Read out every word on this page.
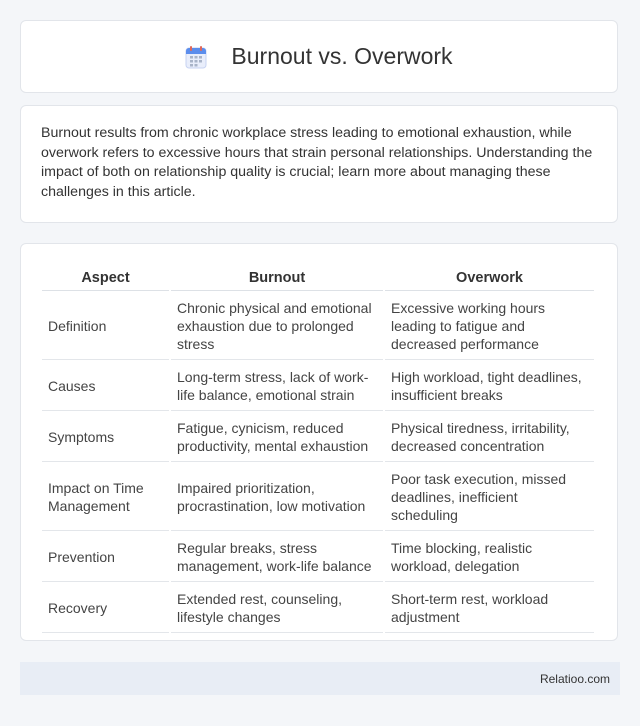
Burnout vs. Overwork

Burnout results from chronic workplace stress leading to emotional exhaustion, while overwork refers to excessive hours that strain personal relationships. Understanding the impact of both on relationship quality is crucial; learn more about managing these challenges in this article.

Aspect	Burnout	Overwork
Definition	Chronic physical and emotional exhaustion due to prolonged stress	Excessive working hours leading to fatigue and decreased performance
Causes	Long-term stress, lack of work-life balance, emotional strain	High workload, tight deadlines, insufficient breaks
Symptoms	Fatigue, cynicism, reduced productivity, mental exhaustion	Physical tiredness, irritability, decreased concentration
Impact on Time Management	Impaired prioritization, procrastination, low motivation	Poor task execution, missed deadlines, inefficient scheduling
Prevention	Regular breaks, stress management, work-life balance	Time blocking, realistic workload, delegation
Recovery	Extended rest, counseling, lifestyle changes	Short-term rest, workload adjustment
Relatioo.com
